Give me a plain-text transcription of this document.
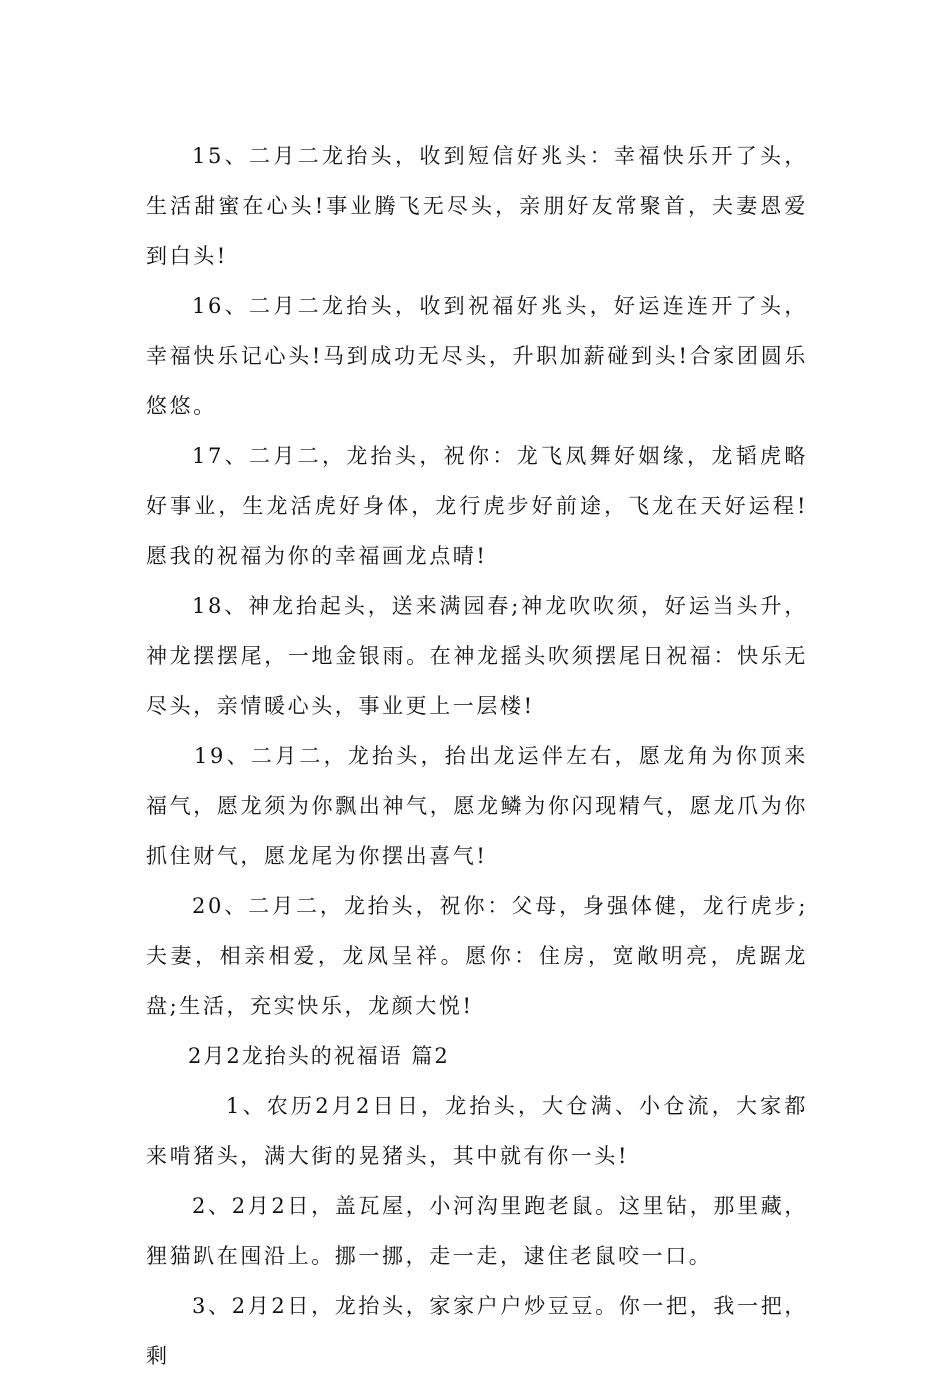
15、二月二龙抬头，收到短信好兆头：幸福快乐开了头，生活甜蜜在心头!事业腾飞无尽头，亲朋好友常聚首，夫妻恩爱到白头!

16、二月二龙抬头，收到祝福好兆头，好运连连开了头，幸福快乐记心头!马到成功无尽头，升职加薪碰到头!合家团圆乐悠悠。

17、二月二，龙抬头，祝你：龙飞凤舞好姻缘，龙韬虎略好事业，生龙活虎好身体，龙行虎步好前途，飞龙在天好运程!愿我的祝福为你的幸福画龙点晴!

18、神龙抬起头，送来满园春;神龙吹吹须，好运当头升，神龙摆摆尾，一地金银雨。在神龙摇头吹须摆尾日祝福：快乐无尽头，亲情暖心头，事业更上一层楼!

19、二月二，龙抬头，抬出龙运伴左右，愿龙角为你顶来福气，愿龙须为你飘出神气，愿龙鳞为你闪现精气，愿龙爪为你抓住财气，愿龙尾为你摆出喜气!

20、二月二，龙抬头，祝你：父母，身强体健，龙行虎步;夫妻，相亲相爱，龙凤呈祥。愿你：住房，宽敞明亮，虎踞龙盘;生活，充实快乐，龙颜大悦!

2月2龙抬头的祝福语 篇2

1、农历2月2日日，龙抬头，大仓满、小仓流，大家都来啃猪头，满大街的晃猪头，其中就有你一头!

2、2月2日，盖瓦屋，小河沟里跑老鼠。这里钻，那里藏，狸猫趴在囤沿上。挪一挪，走一走，逮住老鼠咬一口。

3、2月2日，龙抬头，家家户户炒豆豆。你一把，我一把，剩
